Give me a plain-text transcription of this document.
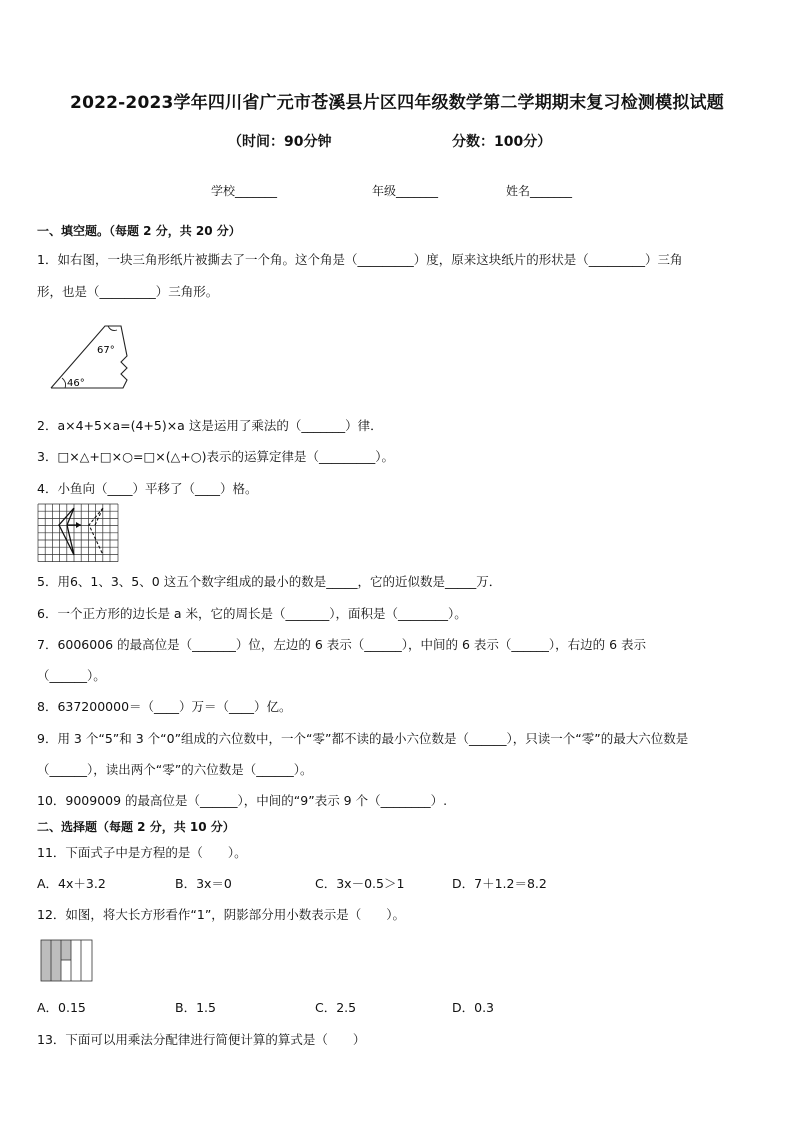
2022-2023学年四川省广元市苍溪县片区四年级数学第二学期期末复习检测模拟试题
（时间：90分钟	分数：100分）
学校_______	年级_______	姓名_______
一、填空题。（每题 2 分，共 20 分）
1．如右图，一块三角形纸片被撕去了一个角。这个角是（_________）度，原来这块纸片的形状是（_________）三角
形，也是（_________）三角形。
67°
46°
2．a×4+5×a=(4+5)×a 这是运用了乘法的（_______）律．
3．□×△+□×○=□×(△+○)表示的运算定律是（_________）。
4．小鱼向（____）平移了（____）格。
5．用6、1、3、5、0 这五个数字组成的最小的数是_____，它的近似数是_____万．
6．一个正方形的边长是 a 米，它的周长是（_______），面积是（________）。
7．6006006 的最高位是（_______）位，左边的 6 表示（______），中间的 6 表示（______），右边的 6 表示
（______）。
8．637200000＝（____）万＝（____）亿。
9．用 3 个“5”和 3 个“0”组成的六位数中，一个“零”都不读的最小六位数是（______），只读一个“零”的最大六位数是
（______），读出两个“零”的六位数是（______）。
10．9009009 的最高位是（______），中间的“9”表示 9 个（________）.
二、选择题（每题 2 分，共 10 分）
11．下面式子中是方程的是（　　）。
A．4x＋3.2	B．3x＝0	C．3x－0.5＞1	D．7＋1.2＝8.2
12．如图，将大长方形看作“1”，阴影部分用小数表示是（　　）。
A．0.15	B．1.5	C．2.5	D．0.3
13．下面可以用乘法分配律进行简便计算的算式是（　　）
